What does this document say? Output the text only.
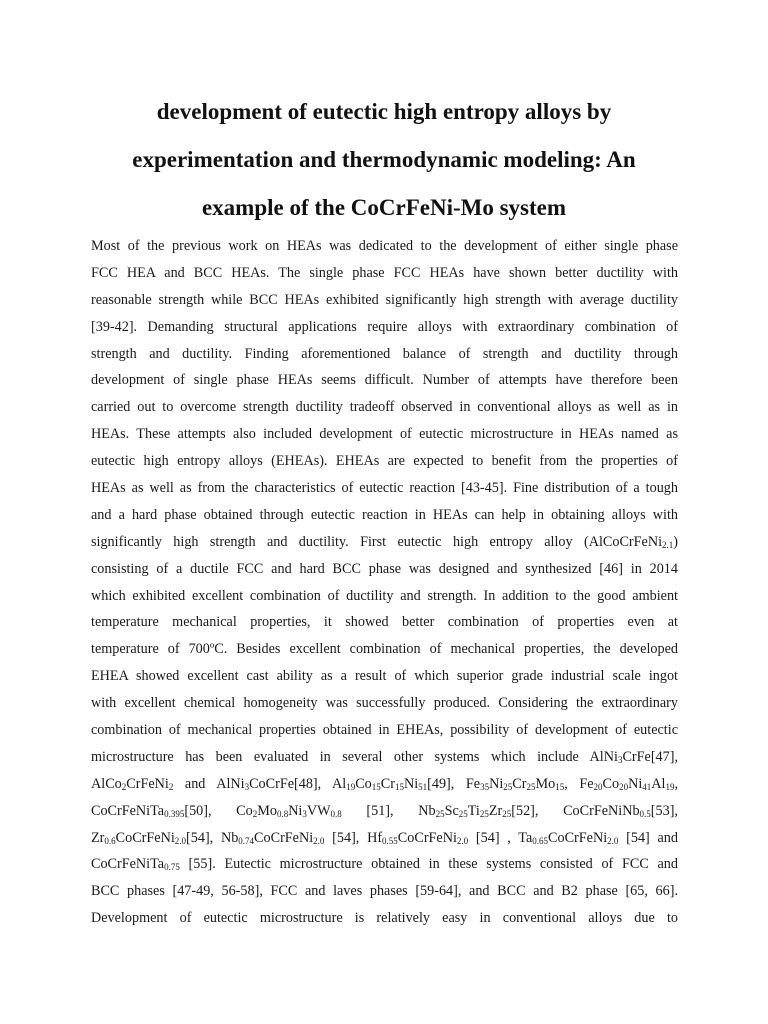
development of eutectic high entropy alloys by
experimentation and thermodynamic modeling: An
example of the CoCrFeNi-Mo system
Most of the previous work on HEAs was dedicated to the development of either single phase
FCC HEA and BCC HEAs. The single phase FCC HEAs have shown better ductility with
reasonable strength while BCC HEAs exhibited significantly high strength with average ductility
[39-42]. Demanding structural applications require alloys with extraordinary combination of
strength and ductility. Finding aforementioned balance of strength and ductility through
development of single phase HEAs seems difficult. Number of attempts have therefore been
carried out to overcome strength ductility tradeoff observed in conventional alloys as well as in
HEAs. These attempts also included development of eutectic microstructure in HEAs named as
eutectic high entropy alloys (EHEAs). EHEAs are expected to benefit from the properties of
HEAs as well as from the characteristics of eutectic reaction [43-45]. Fine distribution of a tough
and a hard phase obtained through eutectic reaction in HEAs can help in obtaining alloys with
significantly high strength and ductility. First eutectic high entropy alloy (AlCoCrFeNi$_{2.1}$)
consisting of a ductile FCC and hard BCC phase was designed and synthesized [46] in 2014
which exhibited excellent combination of ductility and strength. In addition to the good ambient
temperature mechanical properties, it showed better combination of properties even at
temperature of 700ºC. Besides excellent combination of mechanical properties, the developed
EHEA showed excellent cast ability as a result of which superior grade industrial scale ingot
with excellent chemical homogeneity was successfully produced. Considering the extraordinary
combination of mechanical properties obtained in EHEAs, possibility of development of eutectic
microstructure has been evaluated in several other systems which include AlNi$_3$CrFe[47],
AlCo$_2$CrFeNi$_2$ and AlNi$_3$CoCrFe[48], $Al_{19}Co_{15}Cr_{15}Ni_{51}[49]$, $Fe_{35}Ni_{25}Cr_{25}Mo_{15}$, $Fe_{20}Co_{20}Ni_{41}Al_{19}$,
CoCrFeNiTa$_{0.395}$[50], $Co_2Mo_{0.8}Ni_3VW_{0.8}$ [51], $Nb_{25}Sc_{25}Ti_{25}Zr_{25}[52]$, CoCrFeNiNb$_{0.5}$[53],
$Zr_{0.6}CoCrFeNi_{2.0}[54]$, $Nb_{0.74}CoCrFeNi_{2.0}$ [54], $Hf_{0.55}CoCrFeNi_{2.0}$ [54] , $Ta_{0.65}CoCrFeNi_{2.0}$ [54] and
CoCrFeNiTa$_{0.75}$ [55]. Eutectic microstructure obtained in these systems consisted of FCC and
BCC phases [47-49, 56-58], FCC and laves phases [59-64], and BCC and B2 phase [65, 66].
Development of eutectic microstructure is relatively easy in conventional alloys due to
